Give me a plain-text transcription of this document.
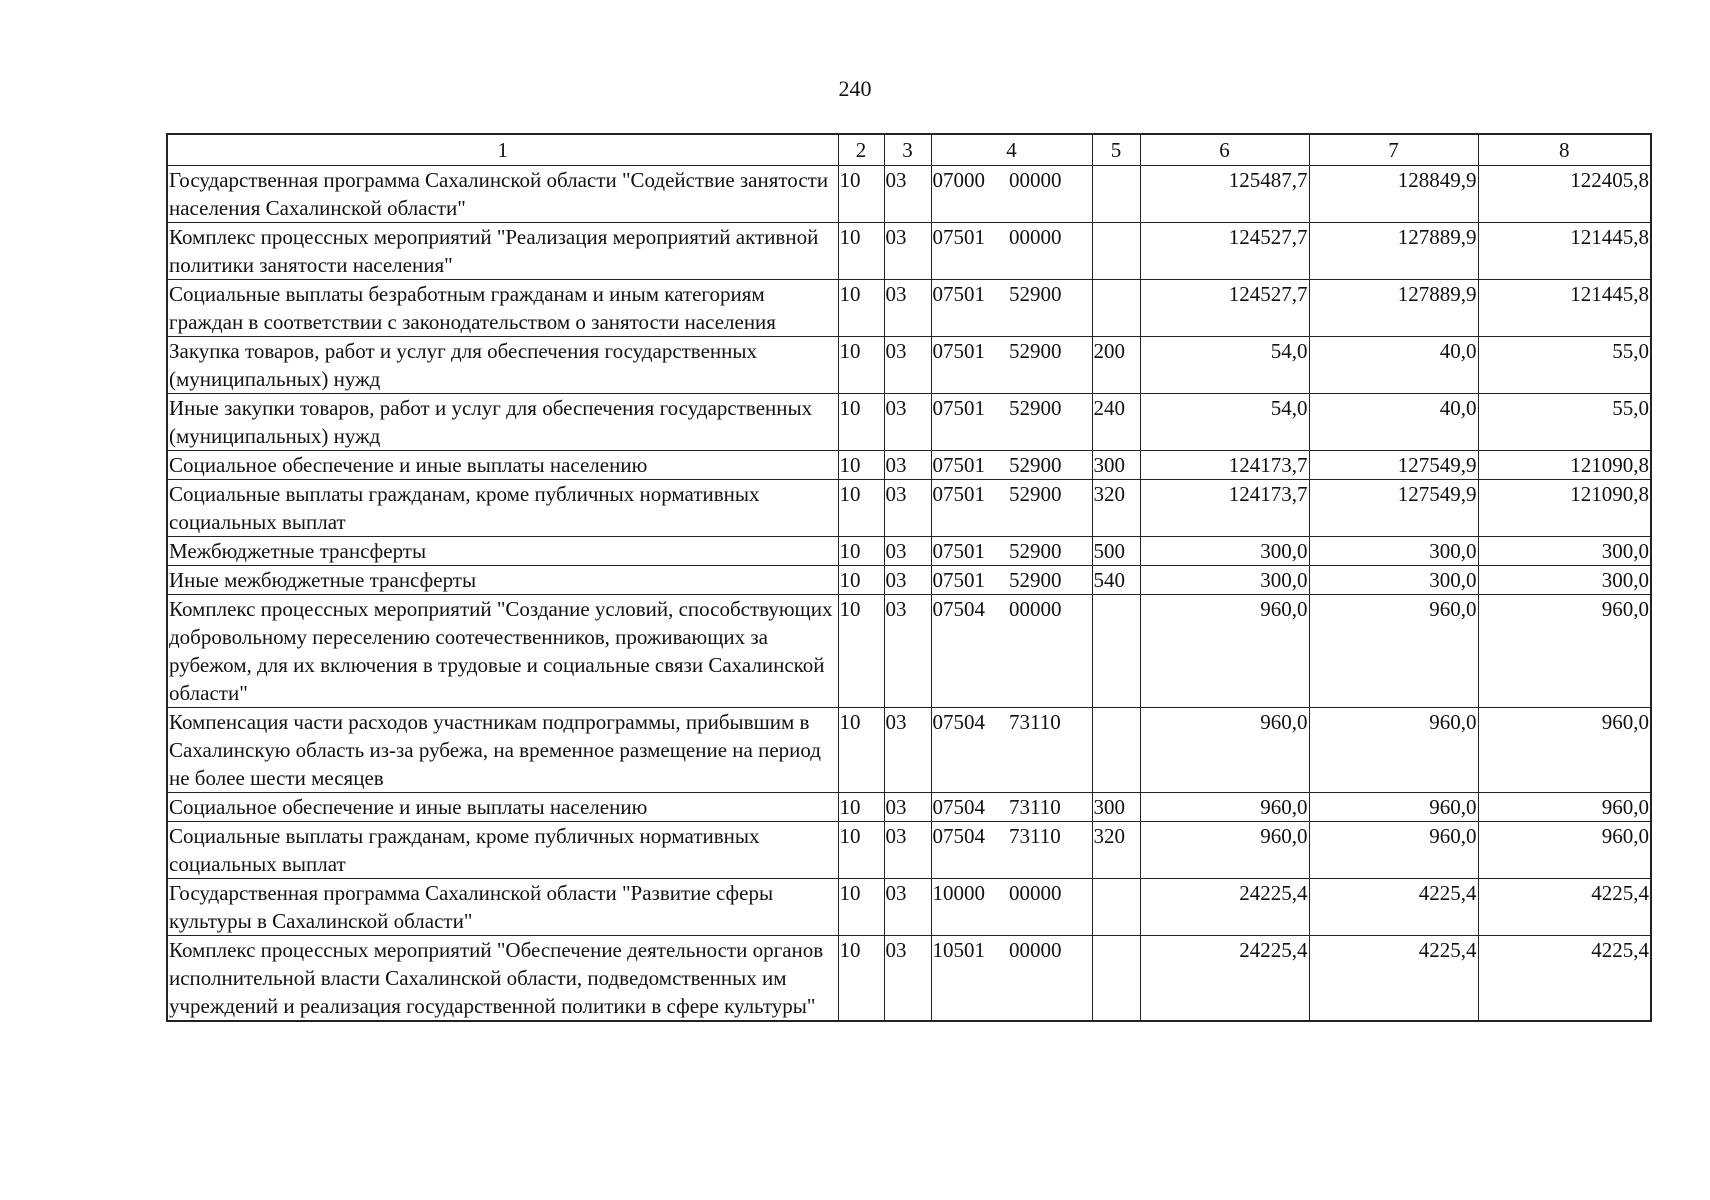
240
1	2	3	4	5	6	7	8
Государственная программа Сахалинской области "Содействие занятости населения Сахалинской области"	10	03	07000 00000		125487,7	128849,9	122405,8
Комплекс процессных мероприятий "Реализация мероприятий активной политики занятости населения"	10	03	07501 00000		124527,7	127889,9	121445,8
Социальные выплаты безработным гражданам и иным категориям граждан в соответствии с законодательством о занятости населения	10	03	07501 52900		124527,7	127889,9	121445,8
Закупка товаров, работ и услуг для обеспечения государственных (муниципальных) нужд	10	03	07501 52900	200	54,0	40,0	55,0
Иные закупки товаров, работ и услуг для обеспечения государственных (муниципальных) нужд	10	03	07501 52900	240	54,0	40,0	55,0
Социальное обеспечение и иные выплаты населению	10	03	07501 52900	300	124173,7	127549,9	121090,8
Социальные выплаты гражданам, кроме публичных нормативных социальных выплат	10	03	07501 52900	320	124173,7	127549,9	121090,8
Межбюджетные трансферты	10	03	07501 52900	500	300,0	300,0	300,0
Иные межбюджетные трансферты	10	03	07501 52900	540	300,0	300,0	300,0
Комплекс процессных мероприятий "Создание условий, способствующих добровольному переселению соотечественников, проживающих за рубежом, для их включения в трудовые и социальные связи Сахалинской области"	10	03	07504 00000		960,0	960,0	960,0
Компенсация части расходов участникам подпрограммы, прибывшим в Сахалинскую область из-за рубежа, на временное размещение на период не более шести месяцев	10	03	07504 73110		960,0	960,0	960,0
Социальное обеспечение и иные выплаты населению	10	03	07504 73110	300	960,0	960,0	960,0
Социальные выплаты гражданам, кроме публичных нормативных социальных выплат	10	03	07504 73110	320	960,0	960,0	960,0
Государственная программа Сахалинской области "Развитие сферы культуры в Сахалинской области"	10	03	10000 00000		24225,4	4225,4	4225,4
Комплекс процессных мероприятий "Обеспечение деятельности органов исполнительной власти Сахалинской области, подведомственных им учреждений и реализация государственной политики в сфере культуры"	10	03	10501 00000		24225,4	4225,4	4225,4
